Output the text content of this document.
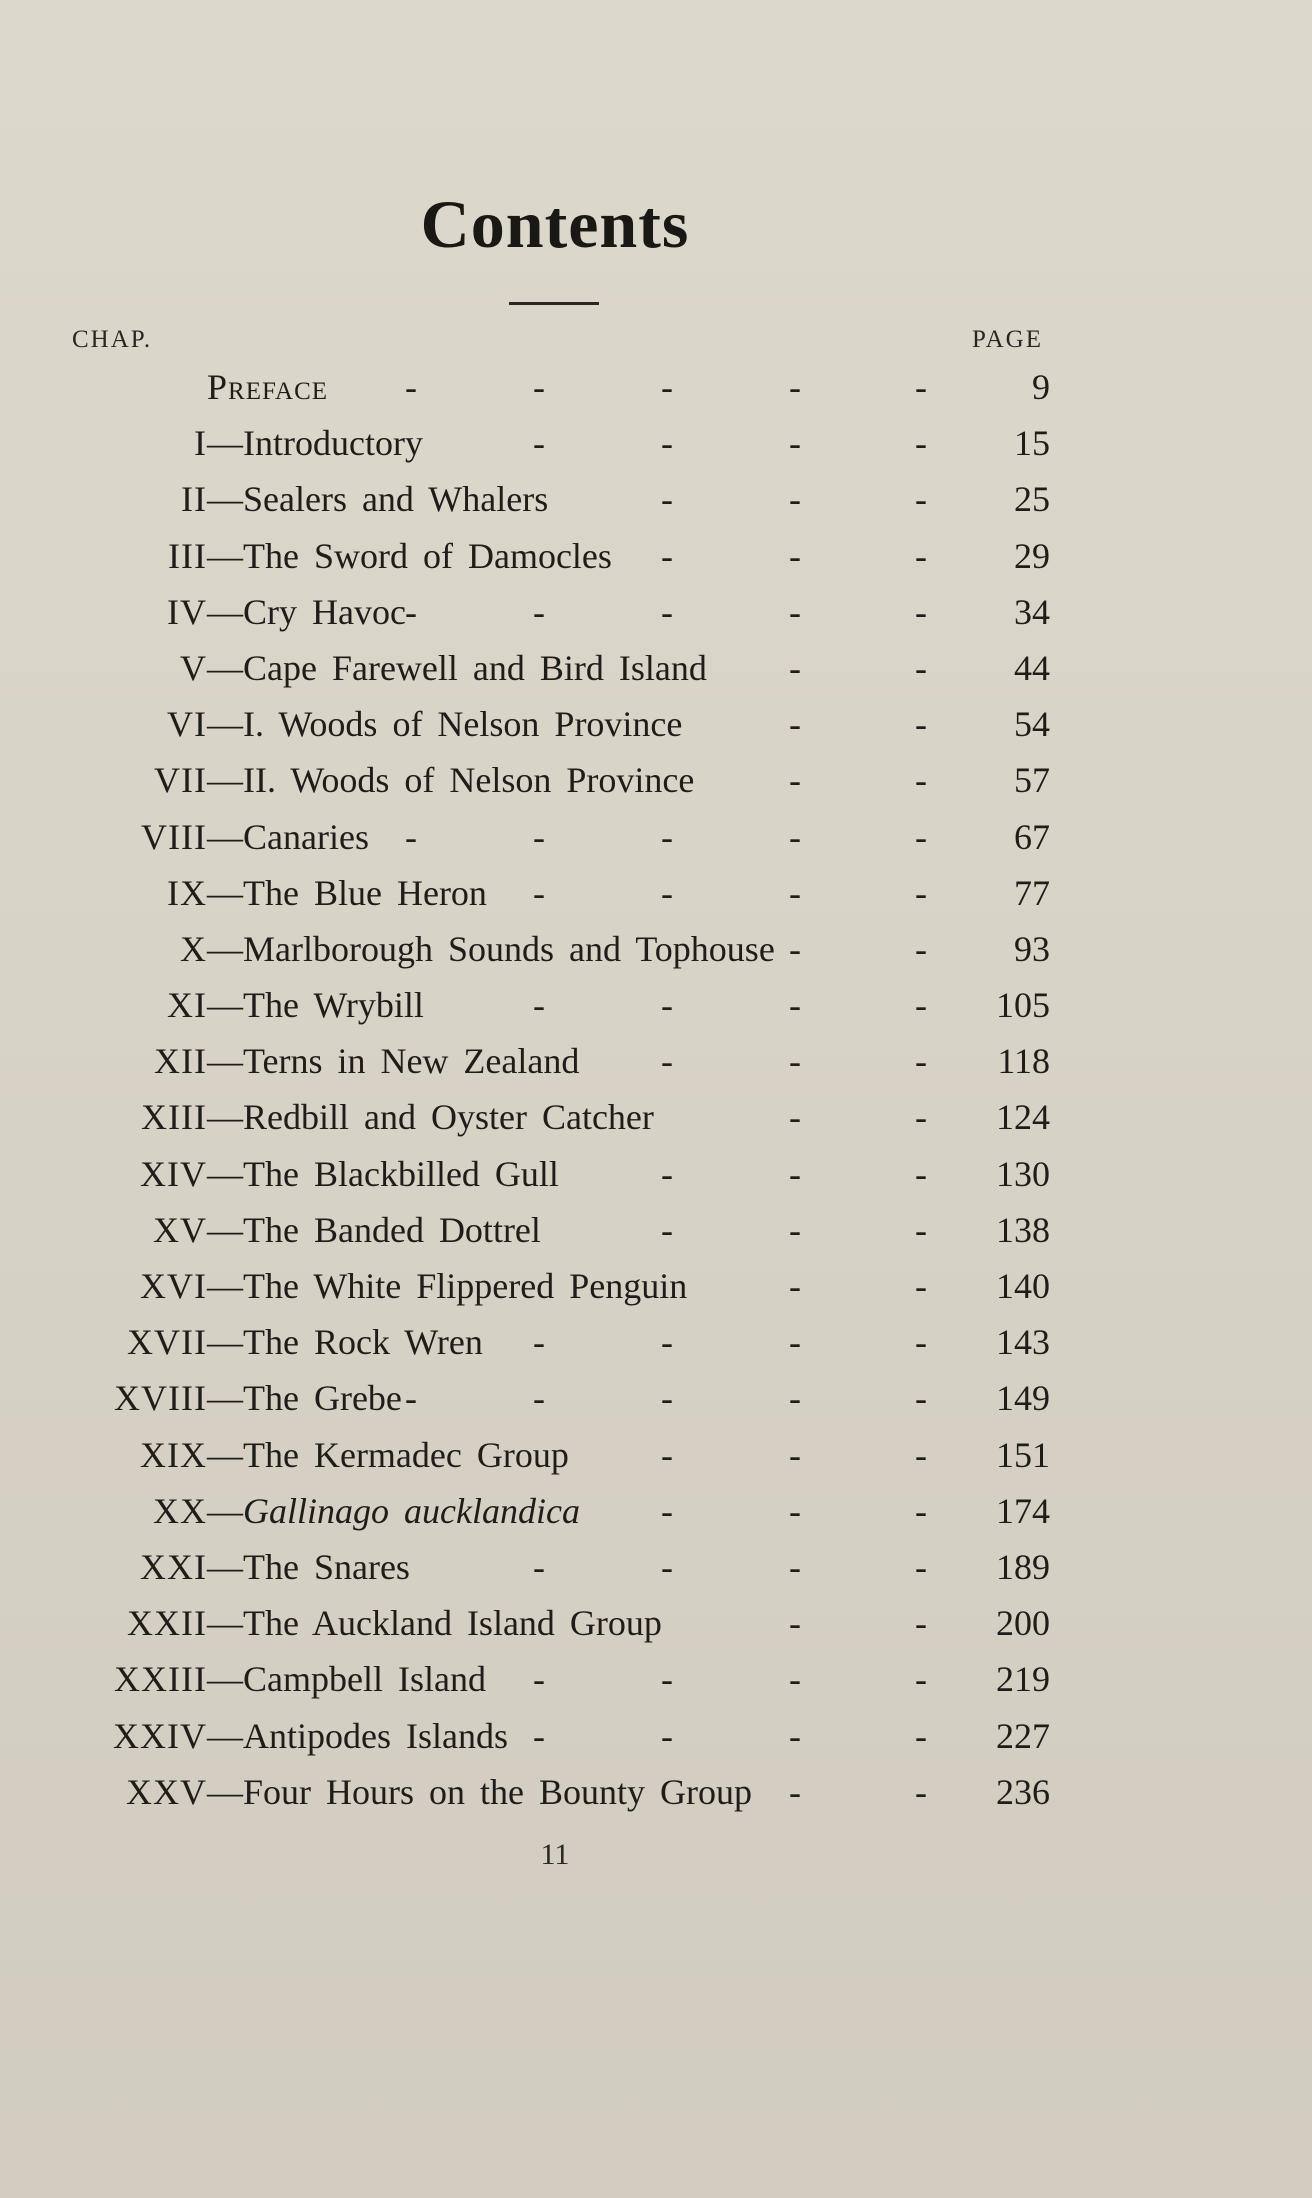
Contents
CHAP.	PAGE
Preface -	-	-	-	-	9
I —Introductory	-	-	-	- 15
II —Sealers and Whalers	-	-	- 25
III —The Sword of Damocles -	-	- 29
IV —Cry Havoc -	-	-	-	- 34
V —Cape Farewell and Bird Island -	- 44
VI —I. Woods of Nelson Province	-	- 54
VII —II. Woods of Nelson Province	-	- 57
VIII —Canaries -	-	-	-	- 67
IX —The Blue Heron -	-	-	- 77
X —Marlborough Sounds and Tophouse -	- 93
XI —The Wrybill	-	-	-	- 105
XII —Terns in New Zealand -	-	- 118
XIII —Redbill and Oyster Catcher	-	- 124
XIV —The Blackbilled Gull	-	-	- 130
XV —The Banded Dottrel	-	-	- 138
XVI —The White Flippered Penguin	-	- 140
XVII —The Rock Wren -	-	-	- 143
XVIII —The Grebe -	-	-	-	- 149
XIX —The Kermadec Group	-	-	- 151
XX —Gallinago aucklandica -	-	- 174
XXI —The Snares	-	-	-	- 189
XXII —The Auckland Island Group	-	- 200
XXIII —Campbell Island -	-	-	- 219
XXIV —Antipodes Islands -	-	-	- 227
XXV —Four Hours on the Bounty Group -	- 236
11
